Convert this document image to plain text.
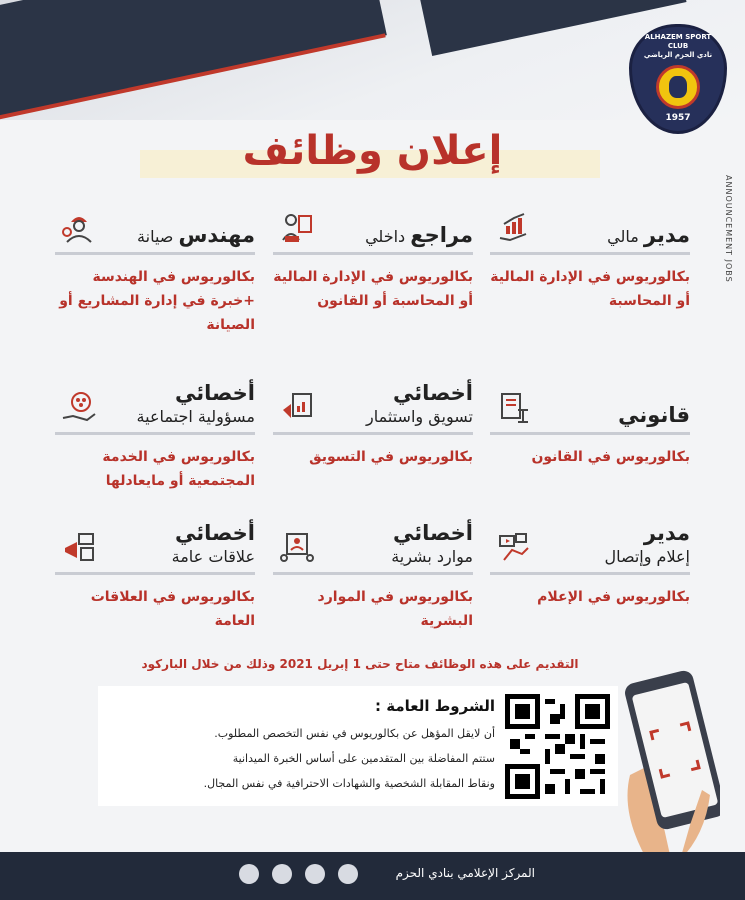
ALHAZEM SPORT CLUB
نادي الحزم الرياضي
1957
إعلان وظائف
ANNOUNCEMENT JOBS
مدير مالي
بكالوريوس في الإدارة المالية أو المحاسبة
مراجع داخلي
بكالوريوس في الإدارة المالية أو المحاسبة أو القانون
مهندس صيانة
بكالوريوس في الهندسة +خبرة في إدارة المشاريع أو الصيانة
قانوني
بكالوريوس في القانون
أخصائي
تسويق واستثمار
بكالوريوس في التسويق
أخصائي
مسؤولية اجتماعية
بكالوريوس في الخدمة المجتمعية أو مايعادلها
مدير
إعلام وإتصال
بكالوريوس في الإعلام
أخصائي
موارد بشرية
بكالوريوس في الموارد البشرية
أخصائي
علاقات عامة
بكالوريوس في العلاقات العامة
التقديم على هذه الوظائف متاح حتى 1 إبريل 2021 وذلك من خلال الباركود
الشروط العامة :
أن لايقل المؤهل عن بكالوريوس في نفس التخصص المطلوب.
ستتم المفاضلة بين المتقدمين على أساس الخبرة الميدانية
ونقاط المقابلة الشخصية والشهادات الاحترافية في نفس المجال.
المركز الإعلامي بنادي الحزم
